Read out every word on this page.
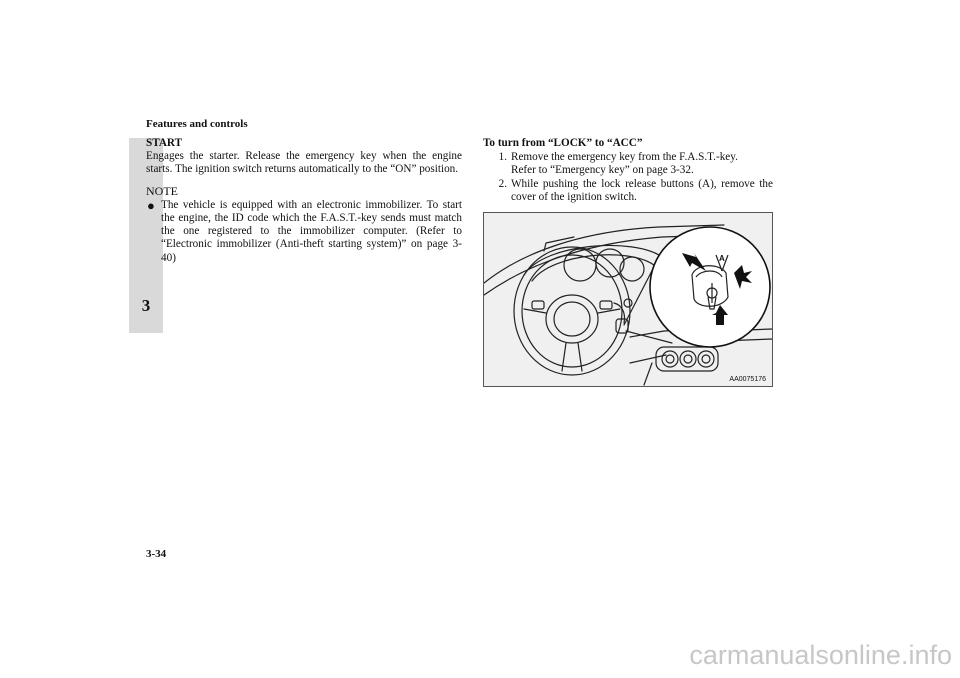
Features and controls
3

START

Engages the starter. Release the emergency key when the engine starts. The ignition switch returns automatically to the “ON” position.

NOTE

● The vehicle is equipped with an electronic immobilizer. To start the engine, the ID code which the F.A.S.T.-key sends must match the one registered to the immobilizer computer. (Refer to “Electronic immobilizer (Anti-theft starting system)” on page 3-40)

To turn from “LOCK” to “ACC”

1. Remove the emergency key from the F.A.S.T.-key.
Refer to “Emergency key” on page 3-32.
2. While pushing the lock release buttons (A), remove the cover of the ignition switch.
A
AA0075176
3-34
carmanualsonline.info
